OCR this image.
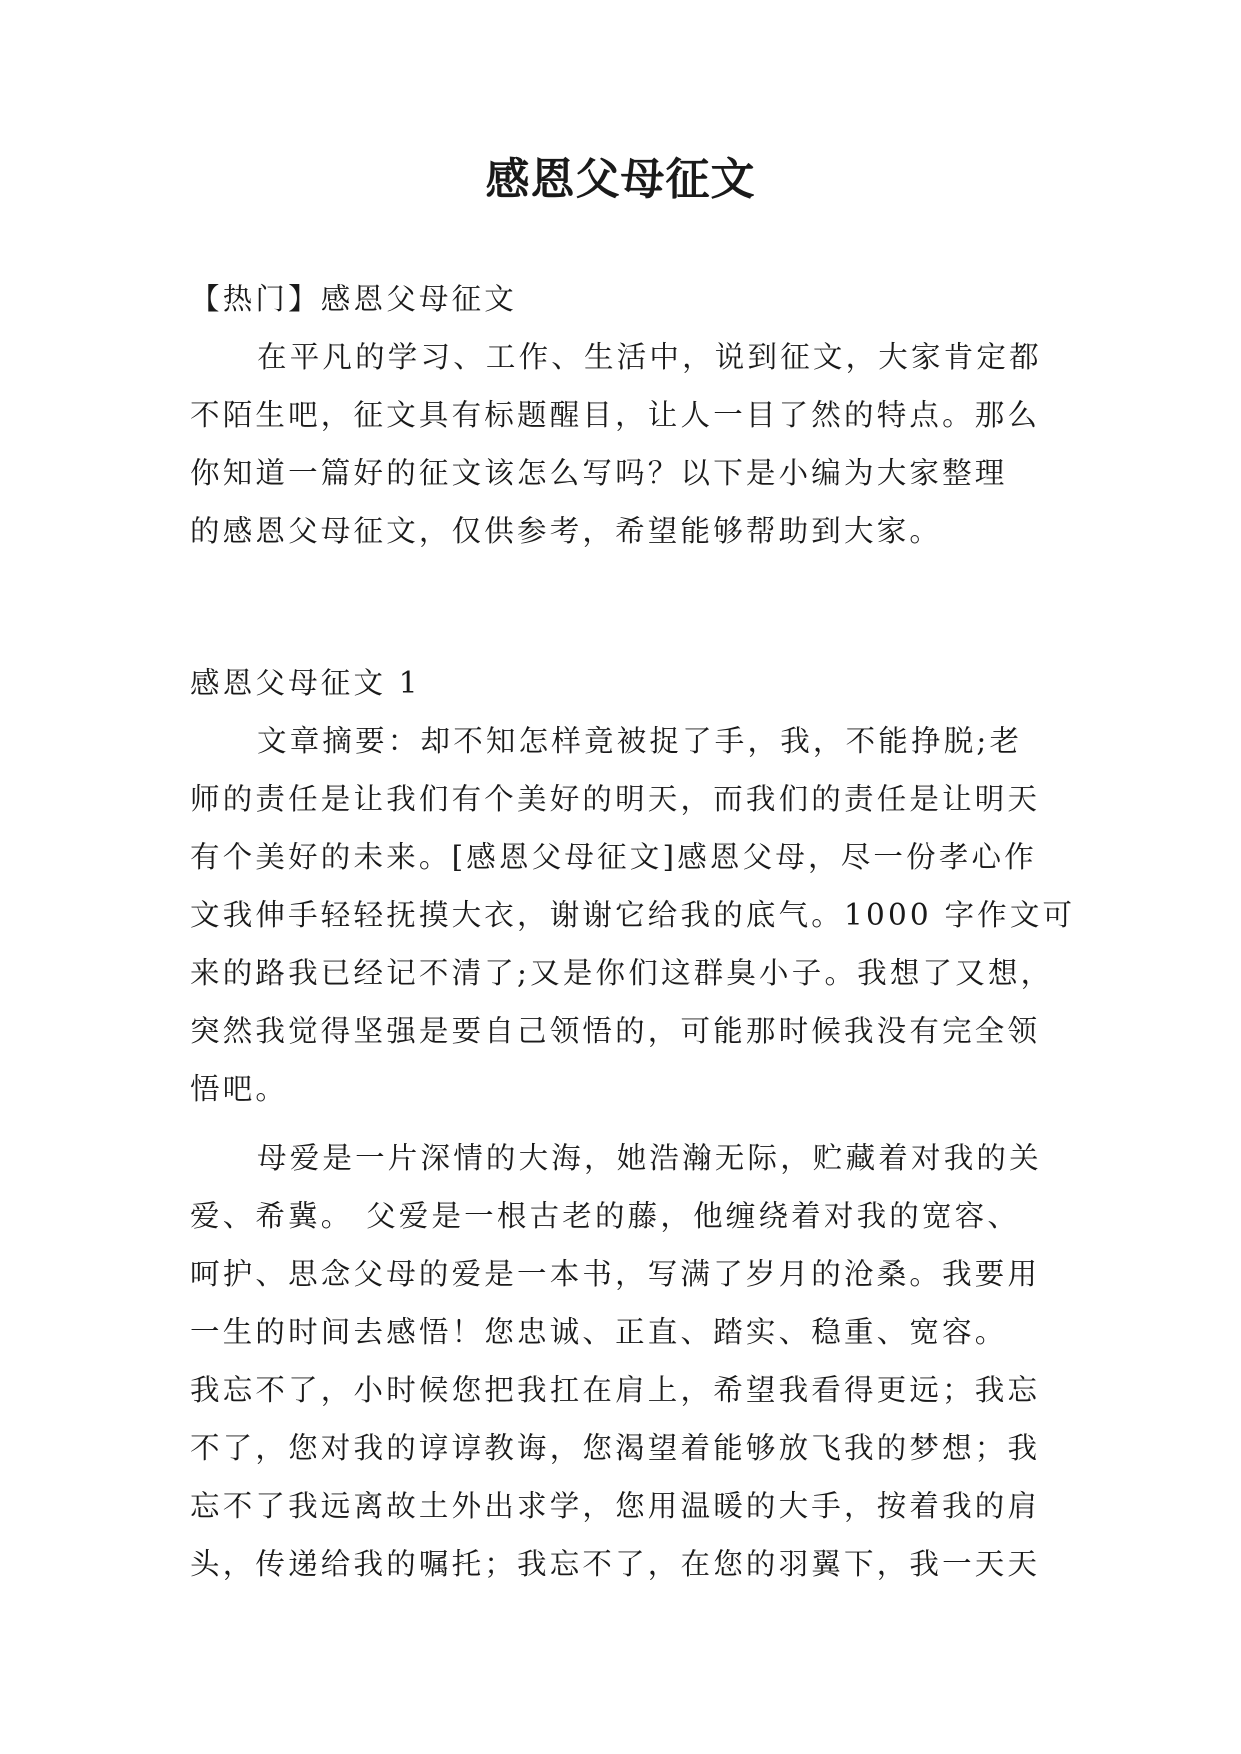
感恩父母征文
【热门】感恩父母征文
在平凡的学习、工作、生活中，说到征文，大家肯定都
不陌生吧，征文具有标题醒目，让人一目了然的特点。那么
你知道一篇好的征文该怎么写吗？以下是小编为大家整理
的感恩父母征文，仅供参考，希望能够帮助到大家。
感恩父母征文 1
文章摘要：却不知怎样竟被捉了手，我，不能挣脱;老
师的责任是让我们有个美好的明天，而我们的责任是让明天
有个美好的未来。[感恩父母征文]感恩父母，尽一份孝心作
文我伸手轻轻抚摸大衣，谢谢它给我的底气。1000 字作文可
来的路我已经记不清了;又是你们这群臭小子。我想了又想，
突然我觉得坚强是要自己领悟的，可能那时候我没有完全领
悟吧。
母爱是一片深情的大海，她浩瀚无际，贮藏着对我的关
爱、希冀。 父爱是一根古老的藤，他缠绕着对我的宽容、
呵护、思念父母的爱是一本书，写满了岁月的沧桑。我要用
一生的时间去感悟！您忠诚、正直、踏实、稳重、宽容。
我忘不了，小时候您把我扛在肩上，希望我看得更远；我忘
不了，您对我的谆谆教诲，您渴望着能够放飞我的梦想；我
忘不了我远离故土外出求学，您用温暖的大手，按着我的肩
头，传递给我的嘱托；我忘不了，在您的羽翼下，我一天天
